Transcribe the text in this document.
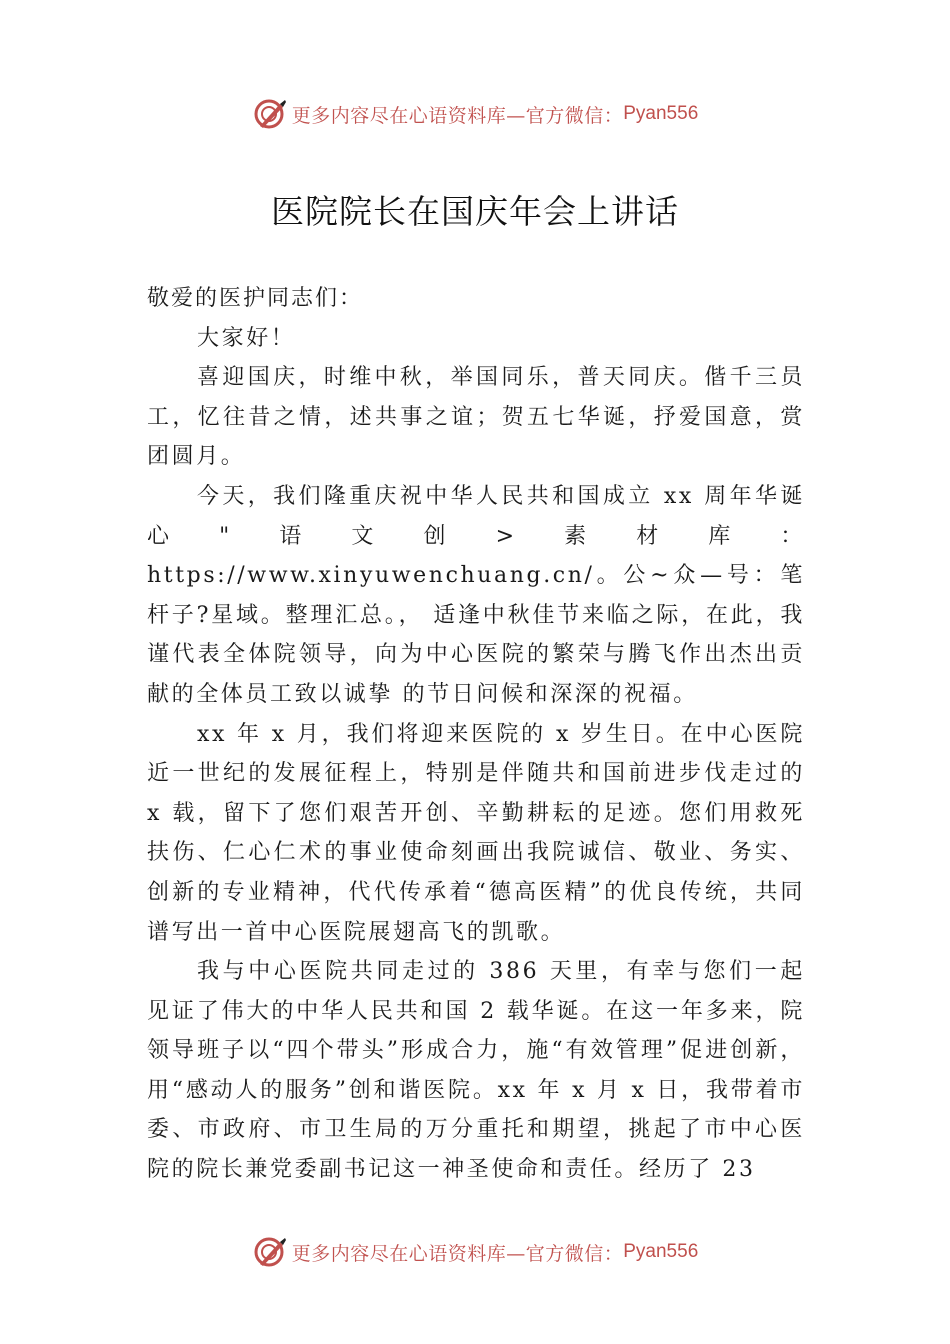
更多内容尽在心语资料库—官方微信： Pyan556
医院院长在国庆年会上讲话

敬爱的医护同志们：

大家好！

喜迎国庆，时维中秋，举国同乐，普天同庆。偕千三员工，忆往昔之情，述共事之谊；贺五七华诞，抒爱国意，赏团圆月。

今天，我们隆重庆祝中华人民共和国成立 xx 周年华诞心"语文创>素材库：https://www.xinyuwenchuang.cn/。公~众—号：笔杆子?星域。整理汇总。， 适逢中秋佳节来临之际，在此，我谨代表全体院领导，向为中心医院的繁荣与腾飞作出杰出贡献的全体员工致以诚挚 的节日问候和深深的祝福。

xx 年 x 月，我们将迎来医院的 x 岁生日。在中心医院近一世纪的发展征程上，特别是伴随共和国前进步伐走过的 x 载，留下了您们艰苦开创、辛勤耕耘的足迹。您们用救死扶伤、仁心仁术的事业使命刻画出我院诚信、敬业、务实、创新的专业精神，代代传承着“德高医精”的优良传统，共同谱写出一首中心医院展翅高飞的凯歌。

我与中心医院共同走过的 386 天里，有幸与您们一起见证了伟大的中华人民共和国 2 载华诞。在这一年多来，院领导班子以“四个带头”形成合力，施“有效管理”促进创新，用“感动人的服务”创和谐医院。xx 年 x 月 x 日，我带着市委、市政府、市卫生局的万分重托和期望，挑起了市中心医院的院长兼党委副书记这一神圣使命和责任。经历了 23

更多内容尽在心语资料库—官方微信： Pyan556
